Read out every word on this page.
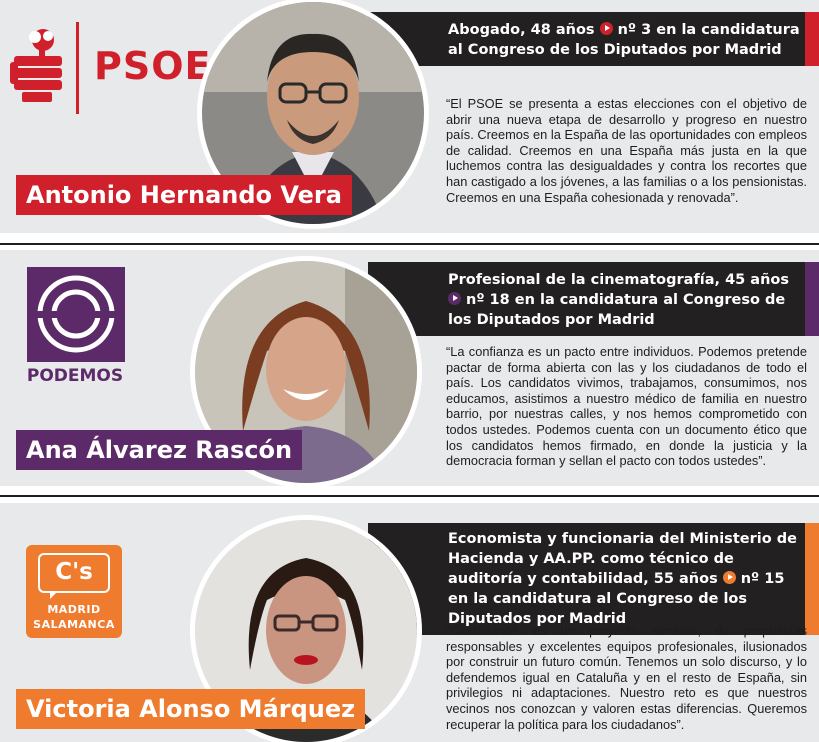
PSOE
Abogado, 48 años nº 3 en la candidatura al Congreso de los Diputados por Madrid
“El PSOE se presenta a estas elecciones con el objetivo de abrir una nueva etapa de desarrollo y progreso en nuestro país. Creemos en la España de las oportunidades con empleos de calidad. Creemos en una España más justa en la que luchemos contra las desigualdades y contra los recortes que han castigado a los jóvenes, a las familias o a los pensionistas. Creemos en una España cohesionada y renovada”.
Antonio Hernando Vera
Profesional de la cinematografía, 45 años
nº 18 en la candidatura al Congreso de los Diputados por Madrid
“La confianza es un pacto entre individuos. Podemos pretende pactar de forma abierta con las y los ciudadanos de todo el país. Los candidatos vivimos, trabajamos, consumimos, nos educamos, asistimos a nuestro médico de familia en nuestro barrio, por nuestras calles, y nos hemos comprometido con todos ustedes. Podemos cuenta con un documento ético que los candidatos hemos firmado, en donde la justicia y la democracia forman y sellan el pacto con todos ustedes”.
Ana Álvarez Rascón
PODEMOS
Economista y funcionaria del Ministerio de Hacienda y AA.PP. como técnico de auditoría y contabilidad, 55 años nº 15 en la candidatura al Congreso de los Diputados por Madrid
“Ciudadanos es un proyecto sensato, de propuestas responsables y excelentes equipos profesionales, ilusionados por construir un futuro común. Tenemos un solo discurso, y lo defendemos igual en Cataluña y en el resto de España, sin privilegios ni adaptaciones. Nuestro reto es que nuestros vecinos nos conozcan y valoren estas diferencias. Queremos recuperar la política para los ciudadanos”.
Victoria Alonso Márquez
C's
MADRID
SALAMANCA
